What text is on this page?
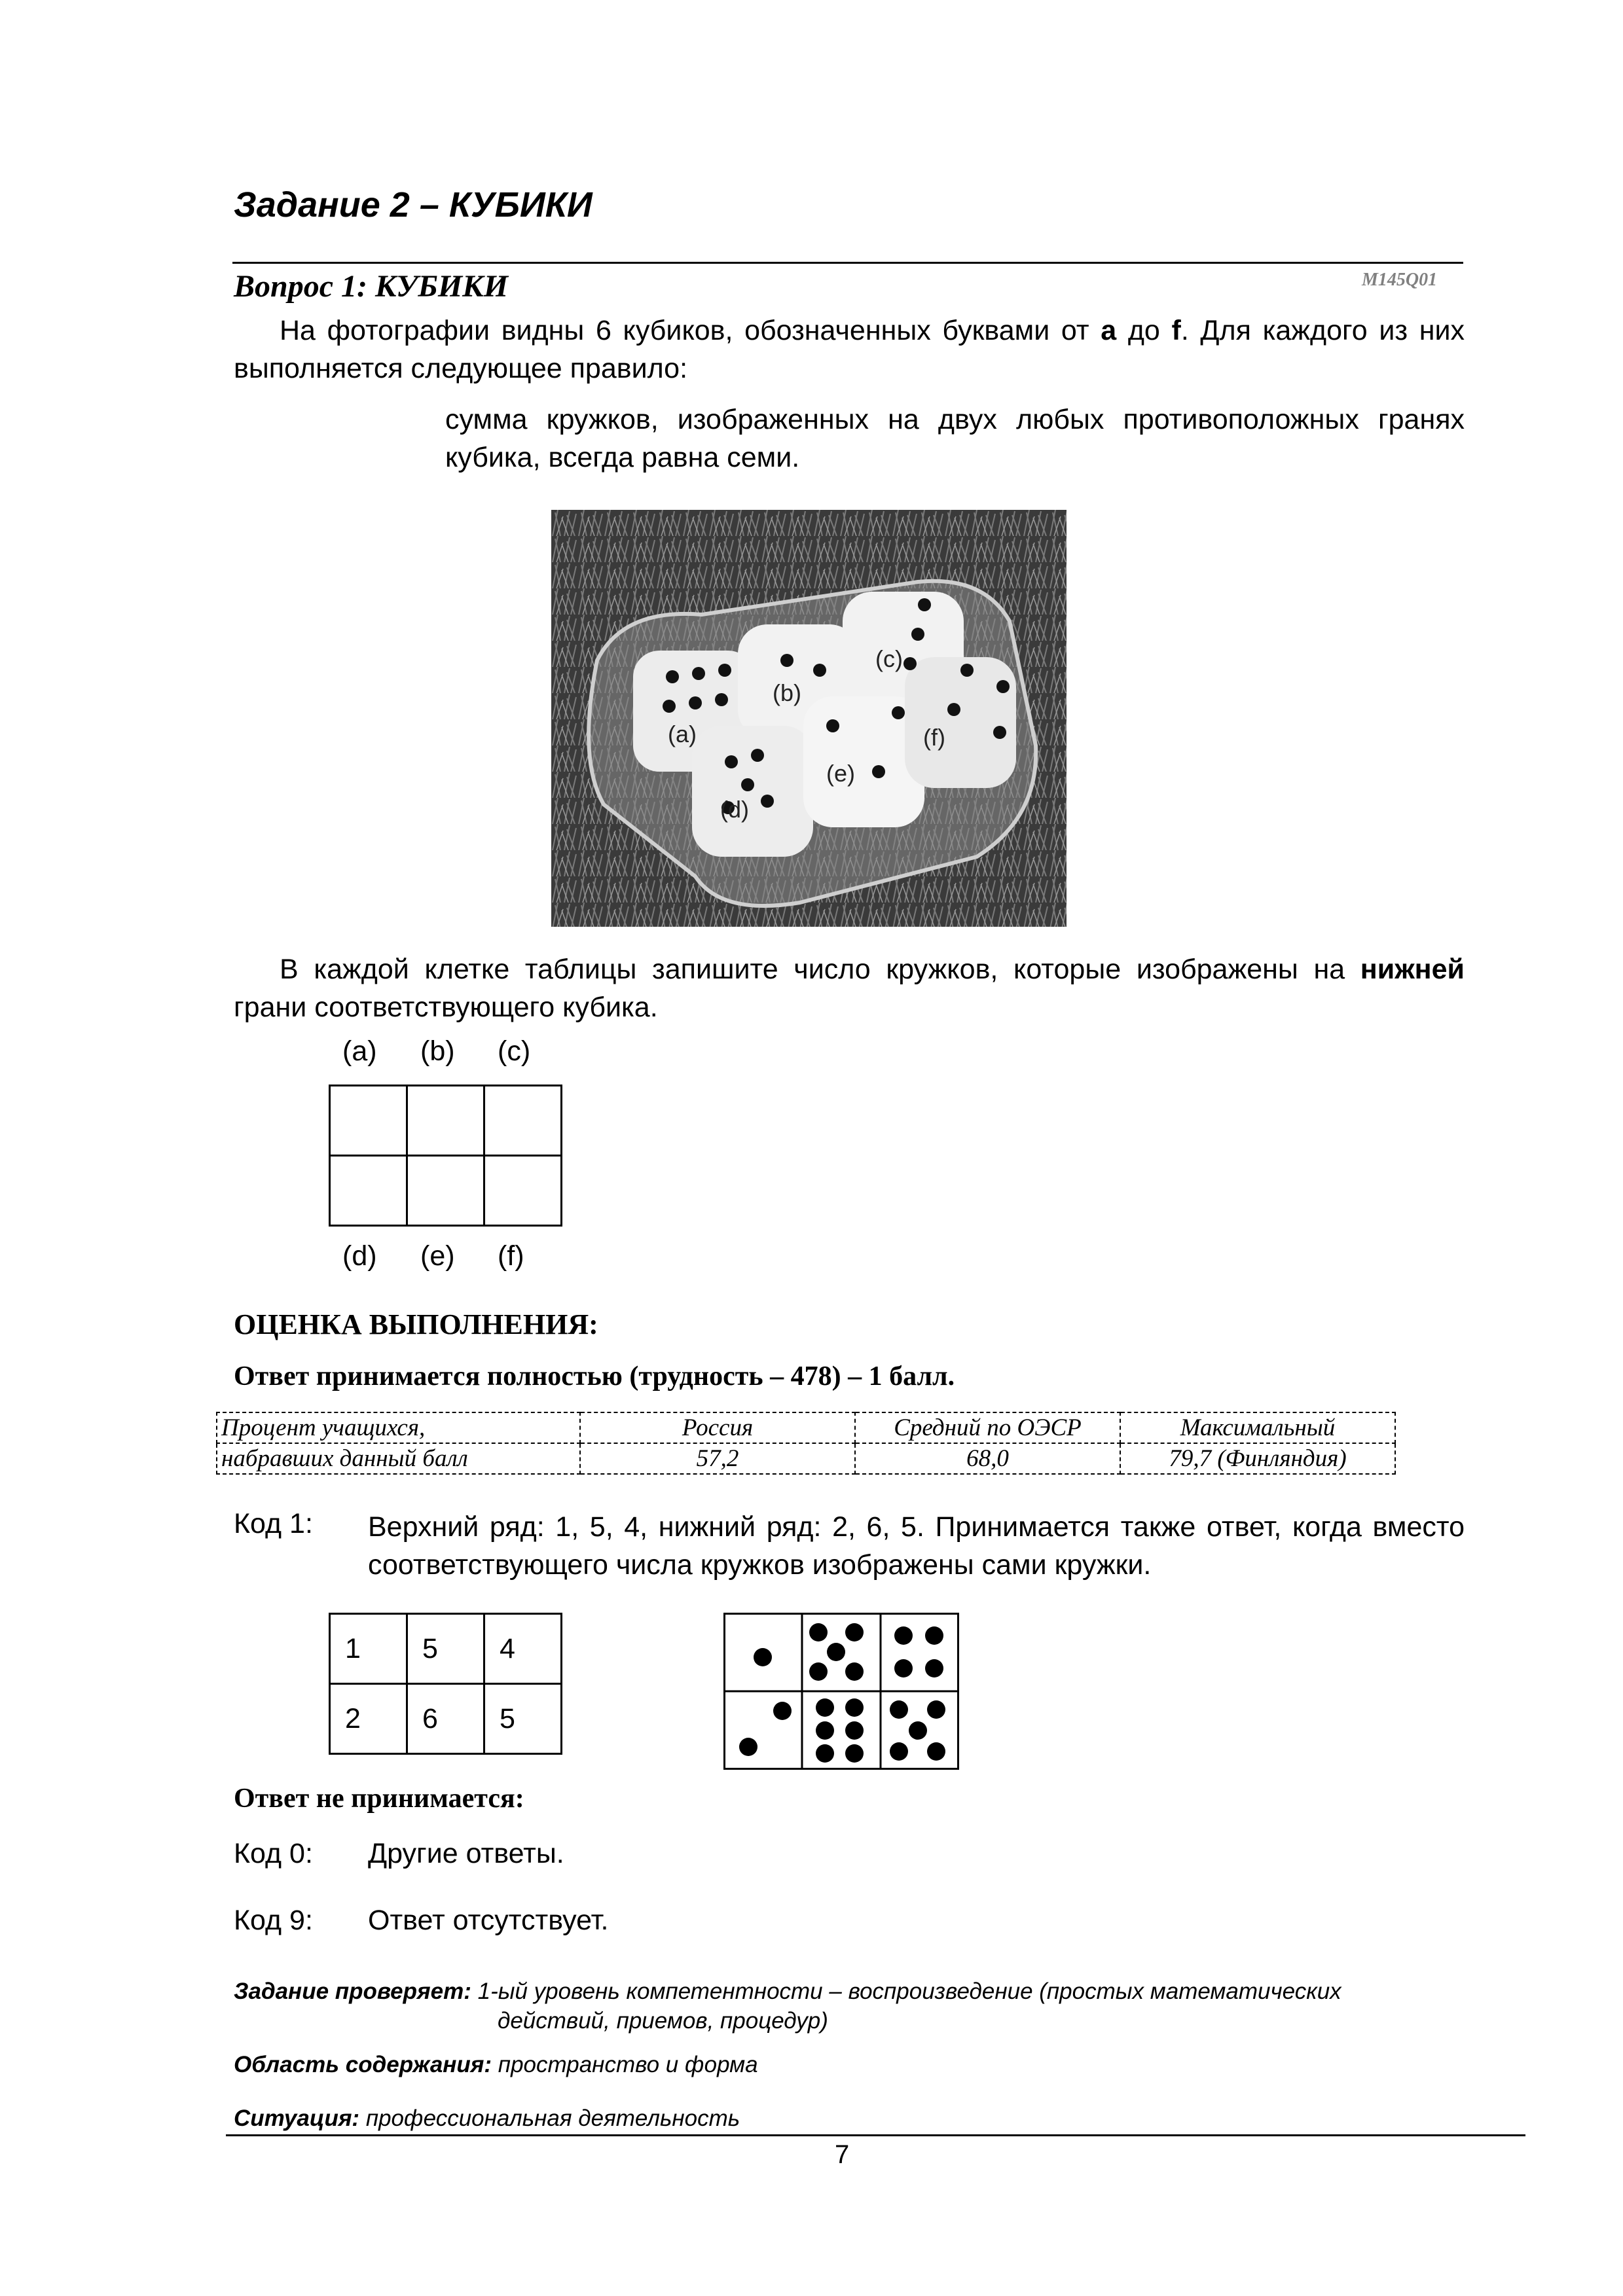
Задание 2 – КУБИКИ
Вопрос 1: КУБИКИ	M145Q01
На фотографии видны 6 кубиков, обозначенных буквами от a до f. Для каждого из них выполняется следующее правило:
сумма кружков, изображенных на двух любых противоположных гранях кубика, всегда равна семи.
(a)
(b)
(c)
(d)
(e)
(f)
В каждой клетке таблицы запишите число кружков, которые изображены на нижней грани соответствующего кубика.
(a) (b) (c)

(d) (e) (f)
ОЦЕНКА ВЫПОЛНЕНИЯ:
Ответ принимается полностью (трудность – 478) – 1 балл.
Процент учащихся,	Россия	Средний по ОЭСР	Максимальный
набравших данный балл	57,2	68,0	79,7 (Финляндия)
Код 1: Верхний ряд: 1, 5, 4, нижний ряд: 2, 6, 5. Принимается также ответ, когда вместо соответствующего числа кружков изображены сами кружки.
1	5	4
2	6	5
Ответ не принимается:
Код 0: Другие ответы.
Код 9: Ответ отсутствует.
Задание проверяет: 1-ый уровень компетентности – воспроизведение (простых математических
действий, приемов, процедур)
Область содержания: пространство и форма
Ситуация: профессиональная деятельность
7
